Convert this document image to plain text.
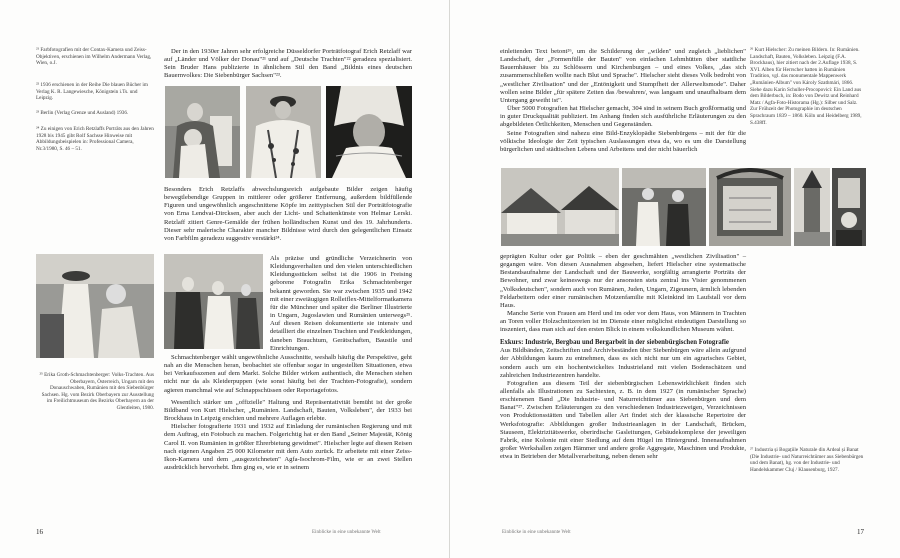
²¹ Farbfotografien mit der Contax-Kamera und Zeiss-Objektiven, erschienen im Wilhelm Andermann Verlag, Wien, o.J.
²² 1936 erschienen in der Reihe Die blauen Bücher im Verlag K. R. Langewiesche, Königstein i.Ts. und Leipzig.
²³ Berlin (Verlag Grenze und Ausland) 1936.
²⁴ Zu einigen von Erich Retzlaffs Porträts aus den Jahren 1928 bis 1945 gibt Rolf Sachsse Hinweise mit Abbildungsbeispielen in: Professional Camera, Nr.3/1980, S. 46 – 51.

Der in den 1930er Jahren sehr erfolgreiche Düsseldorfer Porträtfotograf Erich Retzlaff war auf „Länder und Völker der Donau"²¹ und auf „Deutsche Trachten"²² geradezu spezialisiert. Sein Bruder Hans publizierte in ähnlichem Stil den Band „Bildnis eines deutschen Bauernvolkes: Die Siebenbürger Sachsen"²³.

Besonders Erich Retzlaffs abwechslungsreich aufgebaute Bilder zeigen häufig bewegtlebendige Gruppen in mittlerer oder größerer Entfernung, außerdem bildfüllende Figuren und ungewöhnlich angeschnittene Köpfe im zeittypischen Stil der Porträtfotografie von Erna Lendvai-Dircksen, aber auch der Licht- und Schattenkünste von Helmar Lerski. Retzlaff zitiert Genre-Gemälde der frühen holländischen Kunst und des 19. Jahrhunderts. Dieser sehr malerische Charakter mancher Bildnisse wird durch den gelegentlichen Einsatz von Farbfilm geradezu suggestiv verstärkt²⁴.

²⁵ Erika Groth-Schmachtenberger: Volks-Trachten. Aus Oberbayern, Österreich, Ungarn mit den Donauschwaben, Rumänien mit den Siebenbürger Sachsen. Hg. vom Bezirk Oberbayern zur Ausstellung im Freilichtmuseum des Bezirks Oberbayern an der Glentleiten, 1980.

Als präzise und gründliche Verzeichnerin von Kleidungsverhalten und den vielen unterschiedlichen Kleidungsstücken selbst ist die 1906 in Freising geborene Fotografin Erika Schmachtenberger bekannt geworden. Sie war zwischen 1935 und 1942 mit einer zweiäugigen Rolleiflex-Mittelformatkamera für die Münchner und später die Berliner Illustrierte in Ungarn, Jugoslawien und Rumänien unterwegs²⁵. Auf diesen Reisen dokumentierte sie intensiv und detailliert die einzelnen Trachten und Festkleidungen, daneben Brauchtum, Gerätschaften, Baustile und Einrichtungen.

Schmachtenberger wählt ungewöhnliche Ausschnitte, weshalb häufig die Perspektive, geht nah an die Menschen heran, beobachtet sie offenbar sogar in ungestellten Situationen, etwa bei Verkaufsszenen auf dem Markt. Solche Bilder wirken authentisch, die Menschen stehen nicht nur da als Kleiderpuppen (wie sonst häufig bei der Trachten-Fotografie), sondern agieren manchmal wie auf Schnappschüssen oder Reportagefotos.

Wesentlich stärker um „offizielle" Haltung und Repräsentativität bemüht ist der große Bildband von Kurt Hielscher, „Rumänien. Landschaft, Bauten, Volksleben", der 1933 bei Brockhaus in Leipzig erschien und mehrere Auflagen erlebte.

Hielscher fotografierte 1931 und 1932 auf Einladung der rumänischen Regierung und mit dem Auftrag, ein Fotobuch zu machen. Folgerichtig hat er den Band „Seiner Majestät, König Carol II. von Rumänien in größter Ehrerbietung gewidmet". Hielscher legte auf diesen Reisen nach eigenen Angaben 25 000 Kilometer mit dem Auto zurück. Er arbeitete mit einer Zeiss-Ikon-Kamera und dem „ausgezeichneten" Agfa-Isochrom-Film, wie er an zwei Stellen ausdrücklich hervorhebt. Ihm ging es, wie er in seinem

16	Einblicke in eine unbekannte Welt

einleitenden Text betont²⁶, um die Schilderung der „wilden" und zugleich „lieblichen" Landschaft, der „Formenfülle der Bauten" von einfachen Lehmhütten über stattliche Bauernhäuser bis zu Schlössern und Kirchenburgen – und eines Volkes, „das sich zusammenschließen wollte nach Blut und Sprache". Hielscher sieht dieses Volk bedroht von „westlicher Zivilisation" und der „Entönigkeit und Stumpfheit der Allerweltsmode". Daher wollen seine Bilder „für spätere Zeiten das /bewahren/, was langsam und unaufhaltsam dem Untergang geweiht ist".

Über 5000 Fotografien hat Hielscher gemacht, 304 sind in seinem Buch großformatig und in guter Druckqualität publiziert. Im Anhang finden sich ausführliche Erläuterungen zu den abgebildeten Örtlichkeiten, Menschen und Gegenständen.

Seine Fotografien sind nahezu eine Bild-Enzyklopädie Siebenbürgens – mit der für die völkische Ideologie der Zeit typischen Auslassungen etwa da, wo es um die Darstellung bürgerlichen und städtischen Lebens und Arbeitens und der nicht bäuerlich

²⁶ Kurt Hielscher: Zu meinen Bildern. In: Rumänien. Landschaft, Bauten, Volksleben. Leipzig (F.A. Brockhaus), hier zitiert nach der 2.Auflage 1938, S. XVI. Alben für Herrscher hatten in Rumänien Tradition, vgl. das monumentale Mappenwerk „Rumänien-Album" von Károly Szathmári, 1866. Siehe dazu Karin Schuller-Procopovici: Ein Land aus dem Bilderbuch, in: Bodo von Dewitz und Reinhard Matz / Agfa-Foto-Historama (Hg.): Silber und Salz. Zur Frühzeit der Photographie im deutschen Sprachraum 1839 – 1860. Köln und Heidelberg 1989, S.438ff.

geprägten Kultur oder gar Politik – eben der geschmähten „westlichen Zivilisation" – gegangen wäre. Von diesen Ausnahmen abgesehen, liefert Hielscher eine systematische Bestandsaufnahme der Landschaft und der Bauwerke, sorgfältig arrangierte Porträts der Bewohner, und zwar keineswegs nur der ansonsten stets zentral ins Visier genommenen „Volksdeutschen", sondern auch von Rumänen, Juden, Ungarn, Zigeunern, ärmlich lebenden Feldarbeitern oder einer rumänischen Motzenfamilie mit Kleinkind im Laufstall vor dem Haus.

Manche Serie von Frauen am Herd und im oder vor dem Haus, von Männern in Trachten an Toren voller Holzschnitzereien ist im Dienste einer möglichst eindeutigen Darstellung so inszeniert, dass man sich auf den ersten Blick in einem volkskundlichen Museum wähnt.

Exkurs: Industrie, Bergbau und Bergarbeit in der siebenbürgischen Fotografie

Aus Bildbänden, Zeitschriften und Archivbeständen über Siebenbürgen wäre allein aufgrund der Abbildungen kaum zu entnehmen, dass es sich nicht nur um ein agrarisches Gebiet, sondern auch um ein hochentwickeltes Industrieland mit vielen Bodenschätzen und zahlreichen Industriezentren handelte.

Fotografien aus diesem Teil der siebenbürgischen Lebenswirklichkeit finden sich allenfalls als Illustrationen zu Sachtexten, z. B. in dem 1927 (in rumänischer Sprache) erschienenen Band „Die Industrie- und Naturreichtümer aus Siebenbürgen und dem Banat"²⁷. Zwischen Erläuterungen zu den verschiedenen Industriezweigen, Verzeichnissen von Produktionsstätten und Tabellen aller Art findet sich der klassische Repertoire der Werksfotografie: Abbildungen großer Industrieanlagen in der Landschaft, Brücken, Stauseen, Elektrizitätswerke, oberirdische Gasleitungen, Gebäudekomplexe der jeweiligen Fabrik, eine Kolonie mit einer Siedlung auf dem Hügel im Hintergrund. Innenaufnahmen großer Werkshallen zeigen Hämmer und andere große Aggregate, Maschinen und Produkte, etwa in Betrieben der Metallverarbeitung, neben denen sehr

²⁷ Industria și Bogațiile Naturale din Ardeal și Banat (Die Industrie- und Naturreichtümer aus Siebenbürgen und dem Banat), hg. von der Industrie- und Handelskammer Cluj / Klausenburg, 1927.
17
Einblicke in eine unbekannte Welt
